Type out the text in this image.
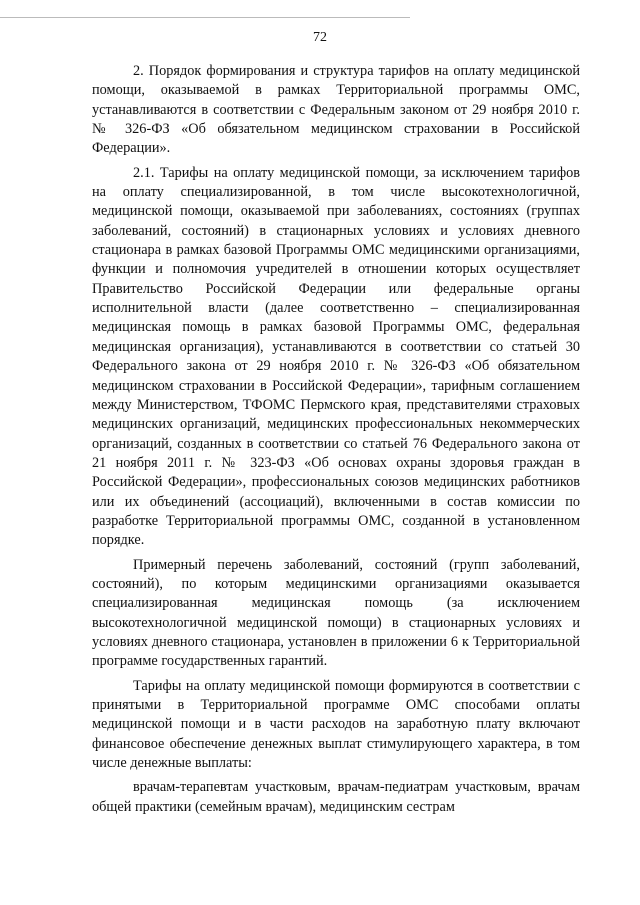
72

2. Порядок формирования и структура тарифов на оплату медицинской помощи, оказываемой в рамках Территориальной программы ОМС, устанавливаются в соответствии с Федеральным законом от 29 ноября 2010 г. № 326-ФЗ «Об обязательном медицинском страховании в Российской Федерации».

2.1. Тарифы на оплату медицинской помощи, за исключением тарифов на оплату специализированной, в том числе высокотехнологичной, медицинской помощи, оказываемой при заболеваниях, состояниях (группах заболеваний, состояний) в стационарных условиях и условиях дневного стационара в рамках базовой Программы ОМС медицинскими организациями, функции и полномочия учредителей в отношении которых осуществляет Правительство Российской Федерации или федеральные органы исполнительной власти (далее соответственно – специализированная медицинская помощь в рамках базовой Программы ОМС, федеральная медицинская организация), устанавливаются в соответствии со статьей 30 Федерального закона от 29 ноября 2010 г. № 326-ФЗ «Об обязательном медицинском страховании в Российской Федерации», тарифным соглашением между Министерством, ТФОМС Пермского края, представителями страховых медицинских организаций, медицинских профессиональных некоммерческих организаций, созданных в соответствии со статьей 76 Федерального закона от 21 ноября 2011 г. № 323-ФЗ «Об основах охраны здоровья граждан в Российской Федерации», профессиональных союзов медицинских работников или их объединений (ассоциаций), включенными в состав комиссии по разработке Территориальной программы ОМС, созданной в установленном порядке.

Примерный перечень заболеваний, состояний (групп заболеваний, состояний), по которым медицинскими организациями оказывается специализированная медицинская помощь (за исключением высокотехнологичной медицинской помощи) в стационарных условиях и условиях дневного стационара, установлен в приложении 6 к Территориальной программе государственных гарантий.

Тарифы на оплату медицинской помощи формируются в соответствии с принятыми в Территориальной программе ОМС способами оплаты медицинской помощи и в части расходов на заработную плату включают финансовое обеспечение денежных выплат стимулирующего характера, в том числе денежные выплаты:

врачам-терапевтам участковым, врачам-педиатрам участковым, врачам общей практики (семейным врачам), медицинским сестрам
